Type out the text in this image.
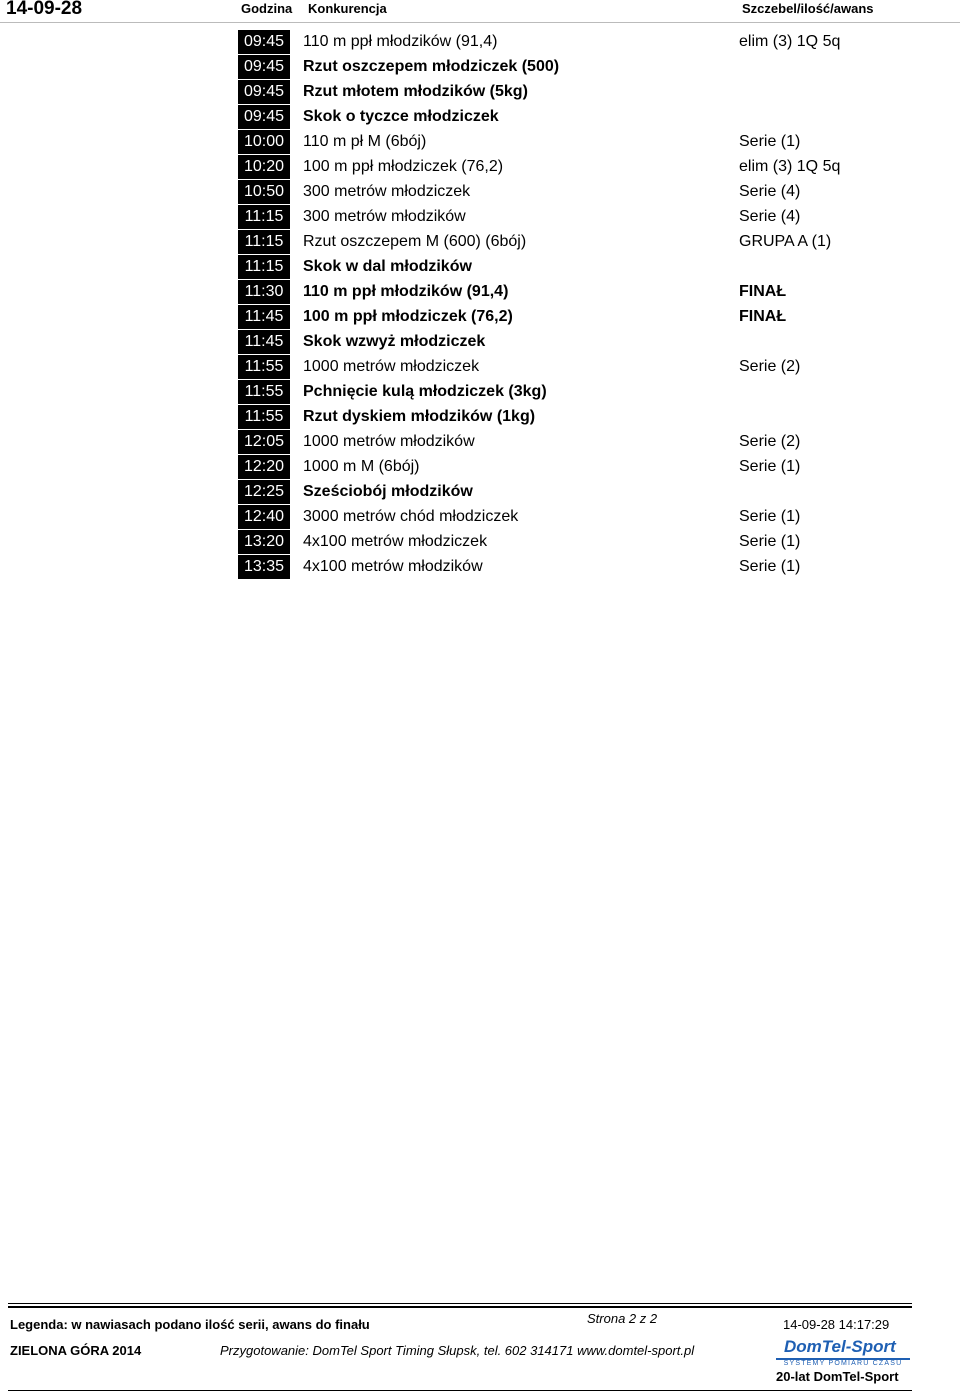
14-09-28	Godzina Konkurencja	Szczebel/ilość/awans
09:45	110 m ppł młodzików (91,4)	elim (3) 1Q 5q
09:45	Rzut oszczepem młodziczek (500)
09:45	Rzut młotem młodzików (5kg)
09:45	Skok o tyczce młodziczek
10:00	110 m pł M (6bój)	Serie (1)
10:20	100 m ppł młodziczek (76,2)	elim (3) 1Q 5q
10:50	300 metrów młodziczek	Serie (4)
11:15	300 metrów młodzików	Serie (4)
11:15	Rzut oszczepem M (600) (6bój)	GRUPA A (1)
11:15	Skok w dal młodzików
11:30	110 m ppł młodzików (91,4)	FINAŁ
11:45	100 m ppł młodziczek (76,2)	FINAŁ
11:45	Skok wzwyż młodziczek
11:55	1000 metrów młodziczek	Serie (2)
11:55	Pchnięcie kulą młodziczek (3kg)
11:55	Rzut dyskiem młodzików (1kg)
12:05	1000 metrów młodzików	Serie (2)
12:20	1000 m M (6bój)	Serie (1)
12:25	Sześciobój młodzików
12:40	3000 metrów chód młodziczek	Serie (1)
13:20	4x100 metrów młodziczek	Serie (1)
13:35	4x100 metrów młodzików	Serie (1)
Legenda: w nawiasach podano ilość serii, awans do finału	Strona 2 z 2	14-09-28 14:17:29
ZIELONA GÓRA 2014	Przygotowanie: DomTel Sport Timing Słupsk, tel. 602 314171 www.domtel-sport.pl	DomTel-Sport
SYSTEMY POMIARU CZASU
20-lat DomTel-Sport
